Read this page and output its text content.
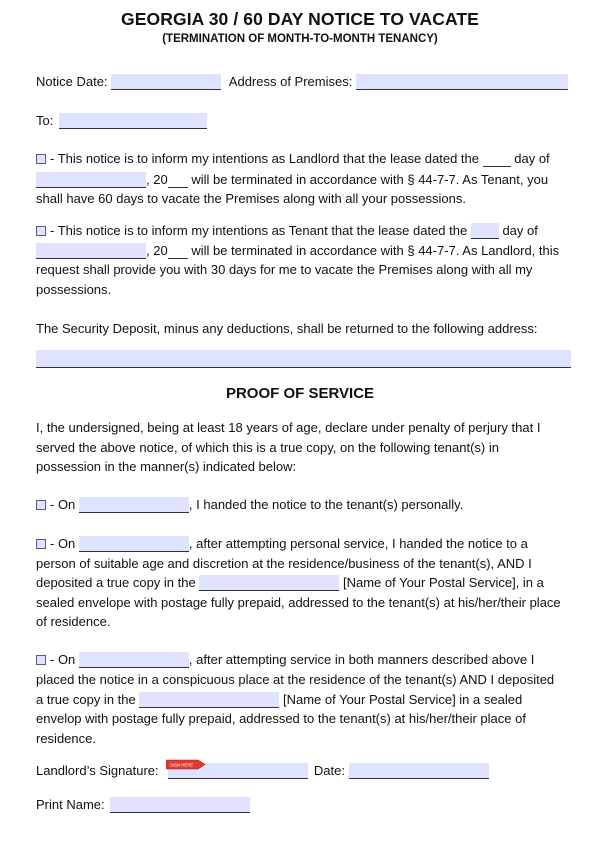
GEORGIA 30 / 60 DAY NOTICE TO VACATE
(TERMINATION OF MONTH-TO-MONTH TENANCY)
Notice Date:	Address of Premises:
To:
- This notice is to inform my intentions as Landlord that the lease dated the	day of
, 20 will be terminated in accordance with § 44-7-7. As Tenant, you
shall have 60 days to vacate the Premises along with all your possessions.
- This notice is to inform my intentions as Tenant that the lease dated the	day of
, 20 will be terminated in accordance with § 44-7-7. As Landlord, this
request shall provide you with 30 days for me to vacate the Premises along with all my
possessions.
The Security Deposit, minus any deductions, shall be returned to the following address:
PROOF OF SERVICE
I, the undersigned, being at least 18 years of age, declare under penalty of perjury that I
served the above notice, of which this is a true copy, on the following tenant(s) in
possession in the manner(s) indicated below:
- On	, I handed the notice to the tenant(s) personally.
- On	, after attempting personal service, I handed the notice to a
person of suitable age and discretion at the residence/business of the tenant(s), AND I
deposited a true copy in the	[Name of Your Postal Service], in a
sealed envelope with postage fully prepaid, addressed to the tenant(s) at his/her/their place
of residence.
- On	, after attempting service in both manners described above I
placed the notice in a conspicuous place at the residence of the tenant(s) AND I deposited
a true copy in the	[Name of Your Postal Service] in a sealed
envelop with postage fully prepaid, addressed to the tenant(s) at his/her/their place of
residence.
Landlord’s Signature:	Date:
SIGN HERE
Print Name:
